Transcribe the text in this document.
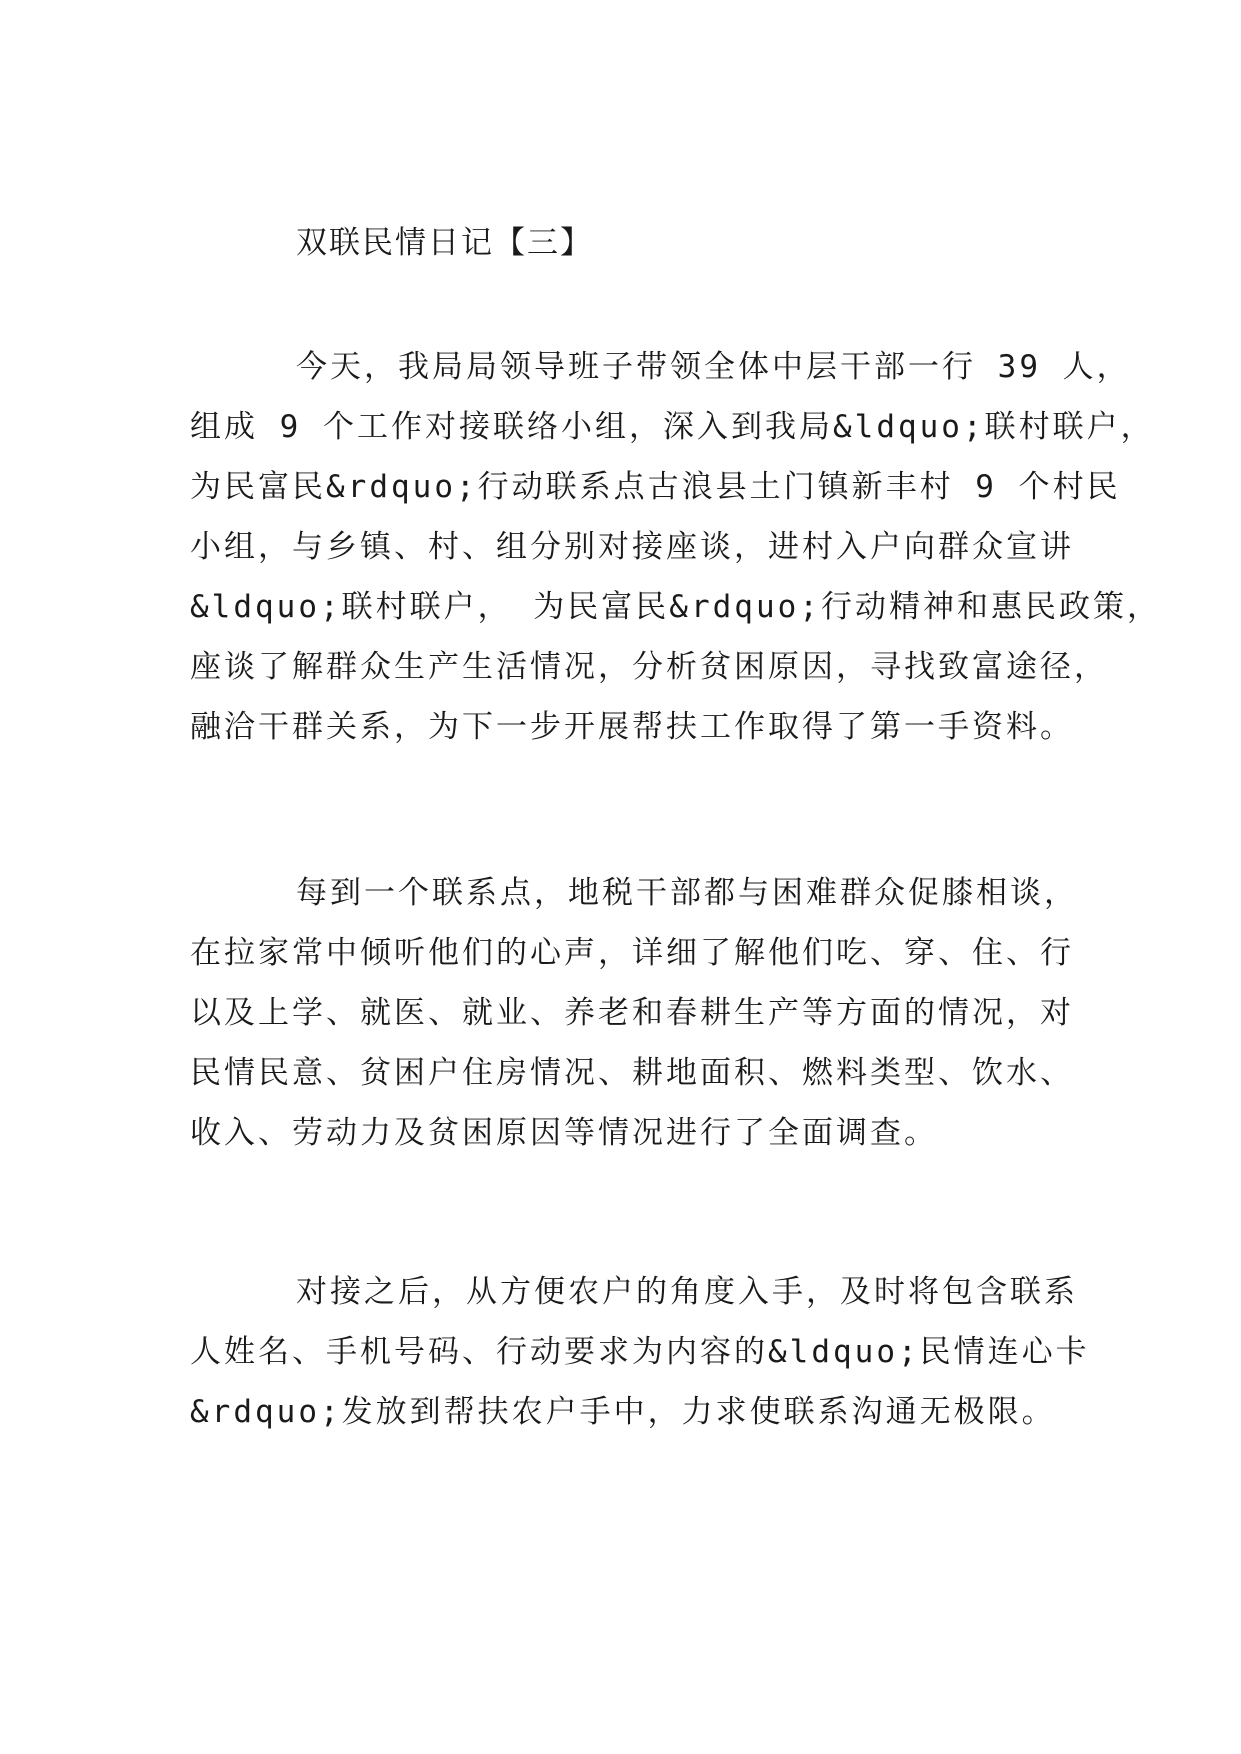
双联民情日记【三】
今天，我局局领导班子带领全体中层干部一行 39 人，
组成 9 个工作对接联络小组，深入到我局&ldquo;联村联户，
为民富民&rdquo;行动联系点古浪县土门镇新丰村 9 个村民
小组，与乡镇、村、组分别对接座谈，进村入户向群众宣讲
&ldquo;联村联户， 为民富民&rdquo;行动精神和惠民政策，
座谈了解群众生产生活情况，分析贫困原因，寻找致富途径，
融洽干群关系，为下一步开展帮扶工作取得了第一手资料。
每到一个联系点，地税干部都与困难群众促膝相谈，
在拉家常中倾听他们的心声，详细了解他们吃、穿、住、行
以及上学、就医、就业、养老和春耕生产等方面的情况，对
民情民意、贫困户住房情况、耕地面积、燃料类型、饮水、
收入、劳动力及贫困原因等情况进行了全面调查。
对接之后，从方便农户的角度入手，及时将包含联系
人姓名、手机号码、行动要求为内容的&ldquo;民情连心卡
&rdquo;发放到帮扶农户手中，力求使联系沟通无极限。
